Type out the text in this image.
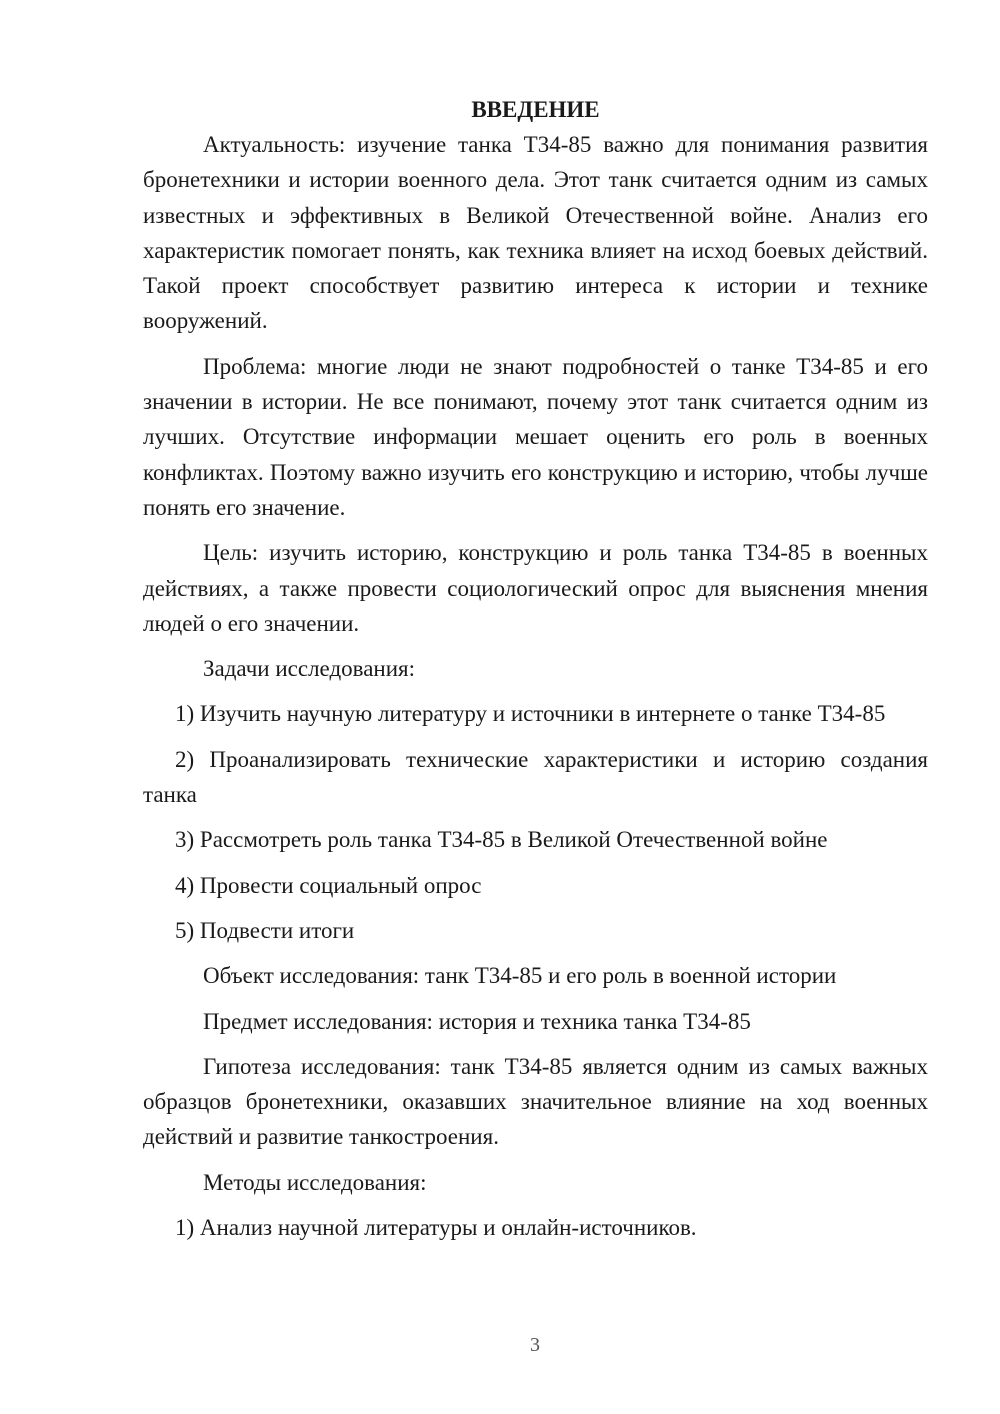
ВВЕДЕНИЕ

Актуальность: изучение танка Т34-85 важно для понимания развития бронетехники и истории военного дела. Этот танк считается одним из самых известных и эффективных в Великой Отечественной войне. Анализ его характеристик помогает понять, как техника влияет на исход боевых действий. Такой проект способствует развитию интереса к истории и технике вооружений.

Проблема: многие люди не знают подробностей о танке Т34-85 и его значении в истории. Не все понимают, почему этот танк считается одним из лучших. Отсутствие информации мешает оценить его роль в военных конфликтах. Поэтому важно изучить его конструкцию и историю, чтобы лучше понять его значение.

Цель: изучить историю, конструкцию и роль танка Т34-85 в военных действиях, а также провести социологический опрос для выяснения мнения людей о его значении.

Задачи исследования:

1) Изучить научную литературу и источники в интернете о танке Т34-85

2) Проанализировать технические характеристики и историю создания танка

3) Рассмотреть роль танка Т34-85 в Великой Отечественной войне

4) Провести социальный опрос

5) Подвести итоги

Объект исследования: танк Т34-85 и его роль в военной истории

Предмет исследования: история и техника танка Т34-85

Гипотеза исследования: танк Т34-85 является одним из самых важных образцов бронетехники, оказавших значительное влияние на ход военных действий и развитие танкостроения.

Методы исследования:

1) Анализ научной литературы и онлайн-источников.

3
